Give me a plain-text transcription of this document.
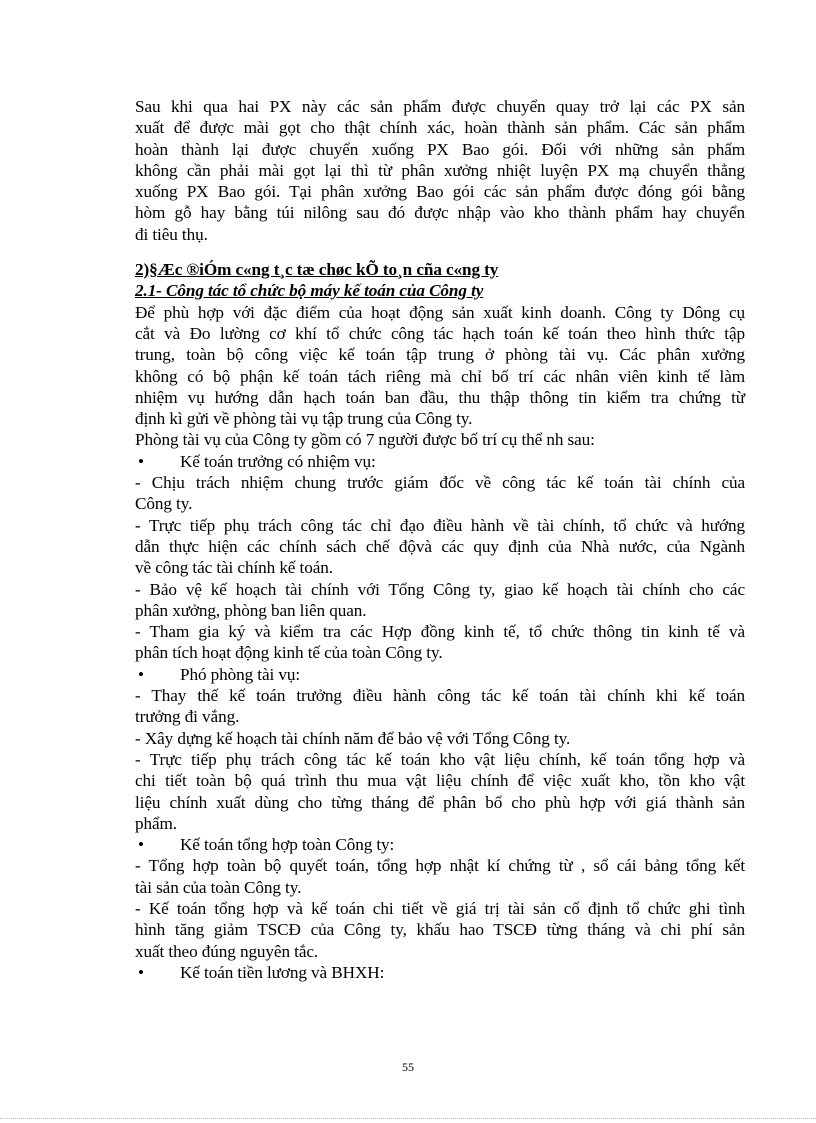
Sau khi qua hai PX này các sản phẩm được chuyển quay trở lại các PX sản
xuất để được mài gọt cho thật chính xác, hoàn thành sản phẩm. Các sản phẩm
hoàn thành lại được chuyển xuống PX Bao gói. Đối với những sản phẩm
không cần phải mài gọt lại thì từ phân xưởng nhiệt luyện PX mạ chuyển thẳng
xuống PX Bao gói. Tại phân xưởng Bao gói các sản phẩm được đóng gói bằng
hòm gỗ hay bằng túi nilông sau đó được nhập vào kho thành phẩm hay chuyển
đi tiêu thụ.
2)§Æc ®iÓm c«ng t¸c tæ chøc kÕ to¸n cña c«ng ty
2.1- Công tác tổ chức bộ máy kế toán của Công ty
Để phù hợp với đặc điểm của hoạt động sản xuất kinh doanh. Công ty Dông cụ
cắt và Đo lường cơ khí tổ chức công tác hạch toán kế toán theo hình thức tập
trung, toàn bộ công việc kế toán tập trung ở phòng tài vụ. Các phân xưởng
không có bộ phận kế toán tách riêng mà chỉ bố trí các nhân viên kinh tế làm
nhiệm vụ hướng dẫn hạch toán ban đầu, thu thập thông tin kiểm tra chứng từ
định kì gửi về phòng tài vụ tập trung của Công ty.
Phòng tài vụ của Công ty gồm có 7 người được bố trí cụ thể nh sau:
•	Kế toán trưởng có nhiệm vụ:
- Chịu trách nhiệm chung trước giám đốc về công tác kế toán tài chính của
Công ty.
- Trực tiếp phụ trách công tác chỉ đạo điều hành về tài chính, tổ chức và hướng
dẫn thực hiện các chính sách chế độvà các quy định của Nhà nước, của Ngành
về công tác tài chính kế toán.
- Bảo vệ kế hoạch tài chính với Tổng Công ty, giao kế hoạch tài chính cho các
phân xưởng, phòng ban liên quan.
- Tham gia ký và kiểm tra các Hợp đồng kinh tế, tổ chức thông tin kinh tế và
phân tích hoạt động kinh tế của toàn Công ty.
•	Phó phòng tài vụ:
- Thay thế kế toán trưởng điều hành công tác kế toán tài chính khi kế toán
trưởng đi vắng.
- Xây dựng kế hoạch tài chính năm để bảo vệ với Tổng Công ty.
- Trực tiếp phụ trách công tác kế toán kho vật liệu chính, kế toán tổng hợp và
chi tiết toàn bộ quá trình thu mua vật liệu chính để việc xuất kho, tồn kho vật
liệu chính xuất dùng cho từng tháng để phân bổ cho phù hợp với giá thành sản
phẩm.
•	Kế toán tổng hợp toàn Công ty:
- Tổng hợp toàn bộ quyết toán, tổng hợp nhật kí chứng từ , sổ cái bảng tổng kết
tài sản của toàn Công ty.
- Kế toán tổng hợp và kế toán chi tiết về giá trị tài sản cố định tổ chức ghi tình
hình tăng giảm TSCĐ của Công ty, khấu hao TSCĐ từng tháng và chi phí sản
xuất theo đúng nguyên tắc.
•	Kế toán tiền lương và BHXH:
55
